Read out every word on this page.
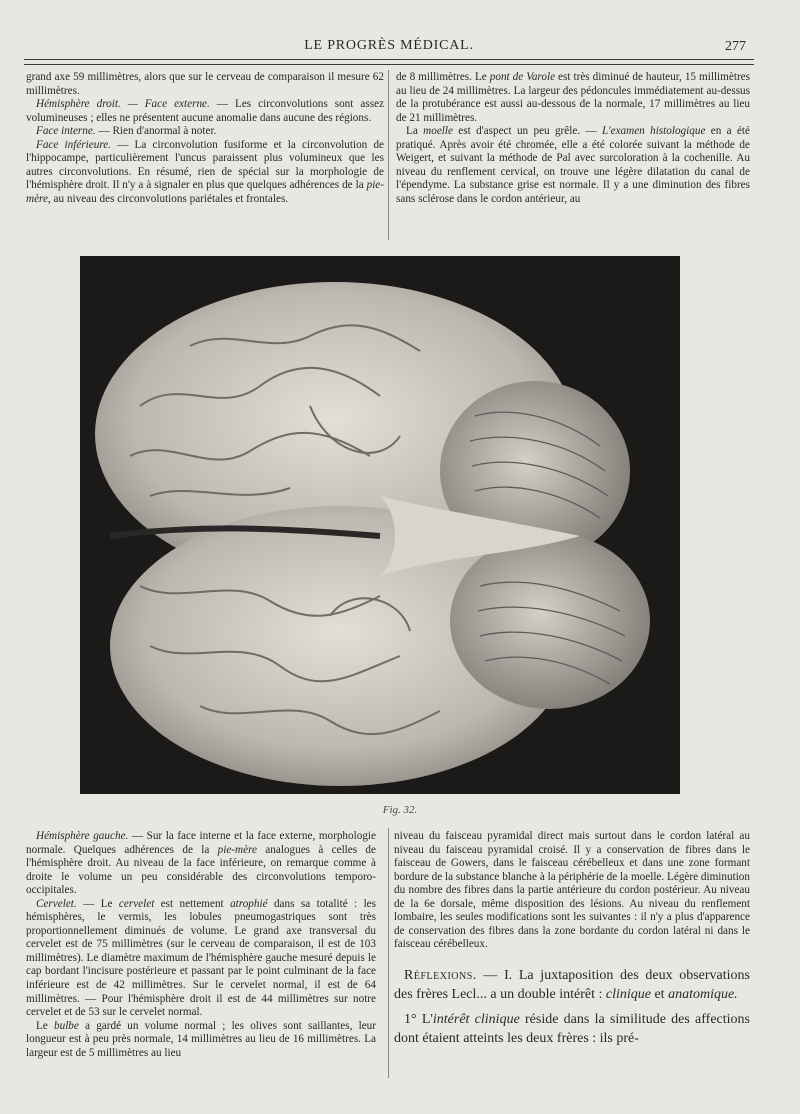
LE PROGRÈS MÉDICAL.	277

grand axe 59 millimètres, alors que sur le cerveau de comparaison il mesure 62 millimètres.

Hémisphère droit. — Face externe. — Les circonvolutions sont assez volumineuses ; elles ne présentent aucune anomalie dans aucune des régions.

Face interne. — Rien d'anormal à noter.

Face inférieure. — La circonvolution fusiforme et la circonvolution de l'hippocampe, particulièrement l'uncus paraissent plus volumineux que les autres circonvolutions. En résumé, rien de spécial sur la morphologie de l'hémisphère droit. Il n'y a à signaler en plus que quelques adhérences de la pie-mère, au niveau des circonvolutions pariétales et frontales.

de 8 millimètres. Le pont de Varole est très diminué de hauteur, 15 millimètres au lieu de 24 millimètres. La largeur des pédoncules immédiatement au-dessus de la protubérance est aussi au-dessous de la normale, 17 millimètres au lieu de 21 millimètres.

La moelle est d'aspect un peu grêle. — L'examen histologique en a été pratiqué. Après avoir été chromée, elle a été colorée suivant la méthode de Weigert, et suivant la méthode de Pal avec surcoloration à la cochenille. Au niveau du renflement cervical, on trouve une légère dilatation du canal de l'épendyme. La substance grise est normale. Il y a une diminution des fibres sans sclérose dans le cordon antérieur, au

Fig. 32.

Hémisphère gauche. — Sur la face interne et la face externe, morphologie normale. Quelques adhérences de la pie-mère analogues à celles de l'hémisphère droit. Au niveau de la face inférieure, on remarque comme à droite le volume un peu considérable des circonvolutions temporo-occipitales.

Cervelet. — Le cervelet est nettement atrophié dans sa totalité : les hémisphères, le vermis, les lobules pneumogastriques sont très proportionnellement diminués de volume. Le grand axe transversal du cervelet est de 75 millimètres (sur le cerveau de comparaison, il est de 103 millimètres). Le diamètre maximum de l'hémisphère gauche mesuré depuis le cap bordant l'incisure postérieure et passant par le point culminant de la face inférieure est de 42 millimètres. Sur le cervelet normal, il est de 64 millimètres. — Pour l'hémisphère droit il est de 44 millimètres sur notre cervelet et de 53 sur le cervelet normal.

Le bulbe a gardé un volume normal ; les olives sont saillantes, leur longueur est à peu près normale, 14 millimètres au lieu de 16 millimètres. La largeur est de 5 millimètres au lieu

niveau du faisceau pyramidal direct mais surtout dans le cordon latéral au niveau du faisceau pyramidal croisé. Il y a conservation de fibres dans le faisceau de Gowers, dans le faisceau cérébelleux et dans une zone formant bordure de la substance blanche à la périphérie de la moelle. Légère diminution du nombre des fibres dans la partie antérieure du cordon postérieur. Au niveau de la 6e dorsale, même disposition des lésions. Au niveau du renflement lombaire, les seules modifications sont les suivantes : il n'y a plus d'apparence de conservation des fibres dans la zone bordante du cordon latéral ni dans le faisceau cérébelleux.

Réflexions. — I. La juxtaposition des deux observations des frères Lecl... a un double intérêt : clinique et anatomique.

1° L'intérêt clinique réside dans la similitude des affections dont étaient atteints les deux frères : ils pré-
